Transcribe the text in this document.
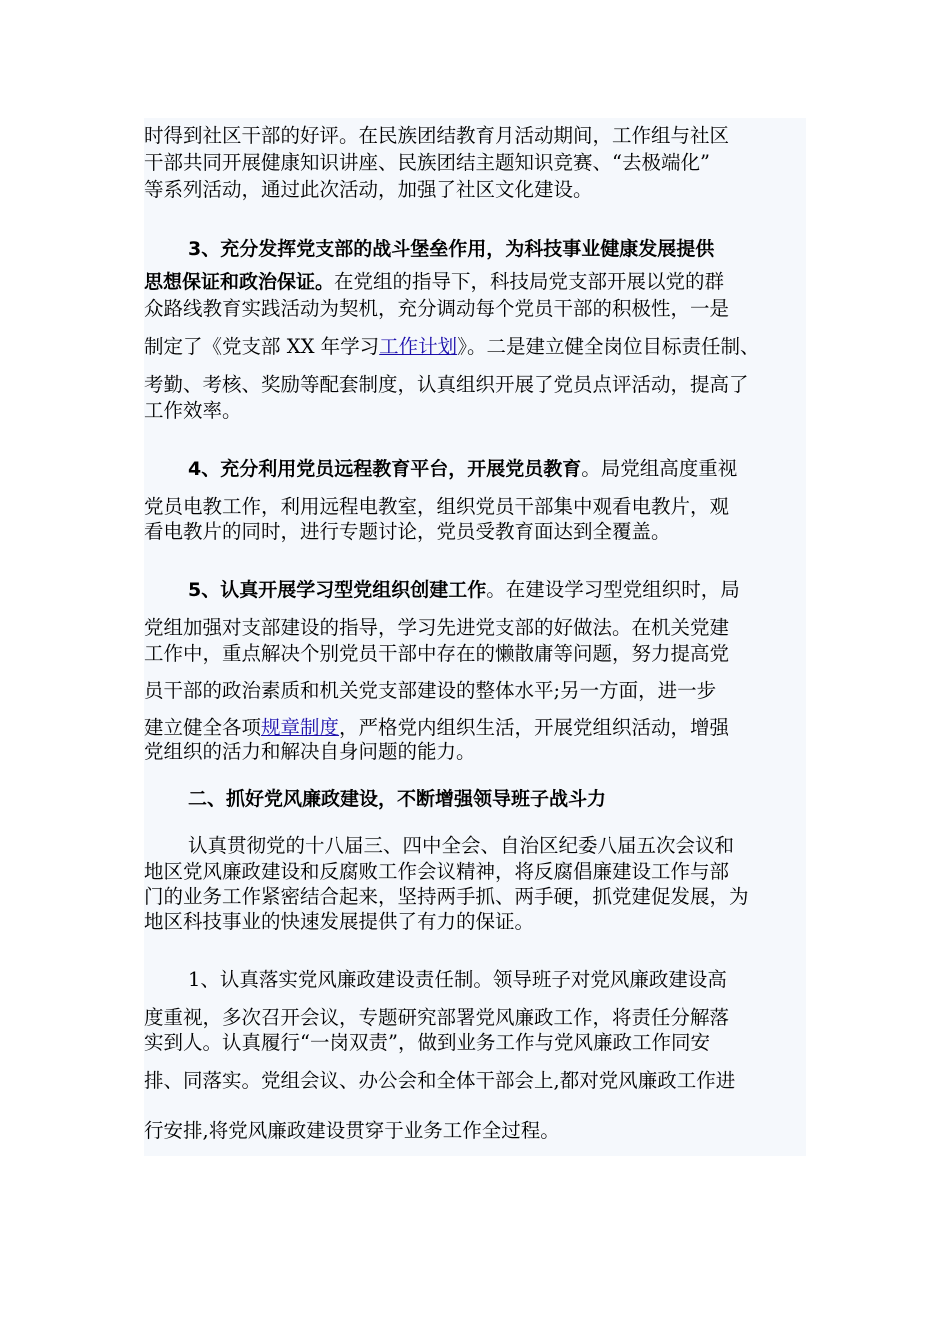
时得到社区干部的好评。在民族团结教育月活动期间，工作组与社区
干部共同开展健康知识讲座、民族团结主题知识竞赛、“去极端化”
等系列活动，通过此次活动，加强了社区文化建设。
3、充分发挥党支部的战斗堡垒作用，为科技事业健康发展提供
思想保证和政治保证。在党组的指导下，科技局党支部开展以党的群
众路线教育实践活动为契机，充分调动每个党员干部的积极性，一是
制定了《党支部 XX 年学习工作计划》。二是建立健全岗位目标责任制、
考勤、考核、奖励等配套制度，认真组织开展了党员点评活动，提高了
工作效率。
4、充分利用党员远程教育平台，开展党员教育。局党组高度重视
党员电教工作，利用远程电教室，组织党员干部集中观看电教片，观
看电教片的同时，进行专题讨论，党员受教育面达到全覆盖。
5、认真开展学习型党组织创建工作。在建设学习型党组织时，局
党组加强对支部建设的指导，学习先进党支部的好做法。在机关党建
工作中，重点解决个别党员干部中存在的懒散庸等问题，努力提高党
员干部的政治素质和机关党支部建设的整体水平;另一方面，进一步
建立健全各项规章制度，严格党内组织生活，开展党组织活动，增强
党组织的活力和解决自身问题的能力。
二、抓好党风廉政建设，不断增强领导班子战斗力
认真贯彻党的十八届三、四中全会、自治区纪委八届五次会议和
地区党风廉政建设和反腐败工作会议精神，将反腐倡廉建设工作与部
门的业务工作紧密结合起来，坚持两手抓、两手硬，抓党建促发展，为
地区科技事业的快速发展提供了有力的保证。
1、认真落实党风廉政建设责任制。领导班子对党风廉政建设高
度重视，多次召开会议，专题研究部署党风廉政工作，将责任分解落
实到人。认真履行“一岗双责”，做到业务工作与党风廉政工作同安
排、同落实。党组会议、办公会和全体干部会上,都对党风廉政工作进
行安排,将党风廉政建设贯穿于业务工作全过程。
